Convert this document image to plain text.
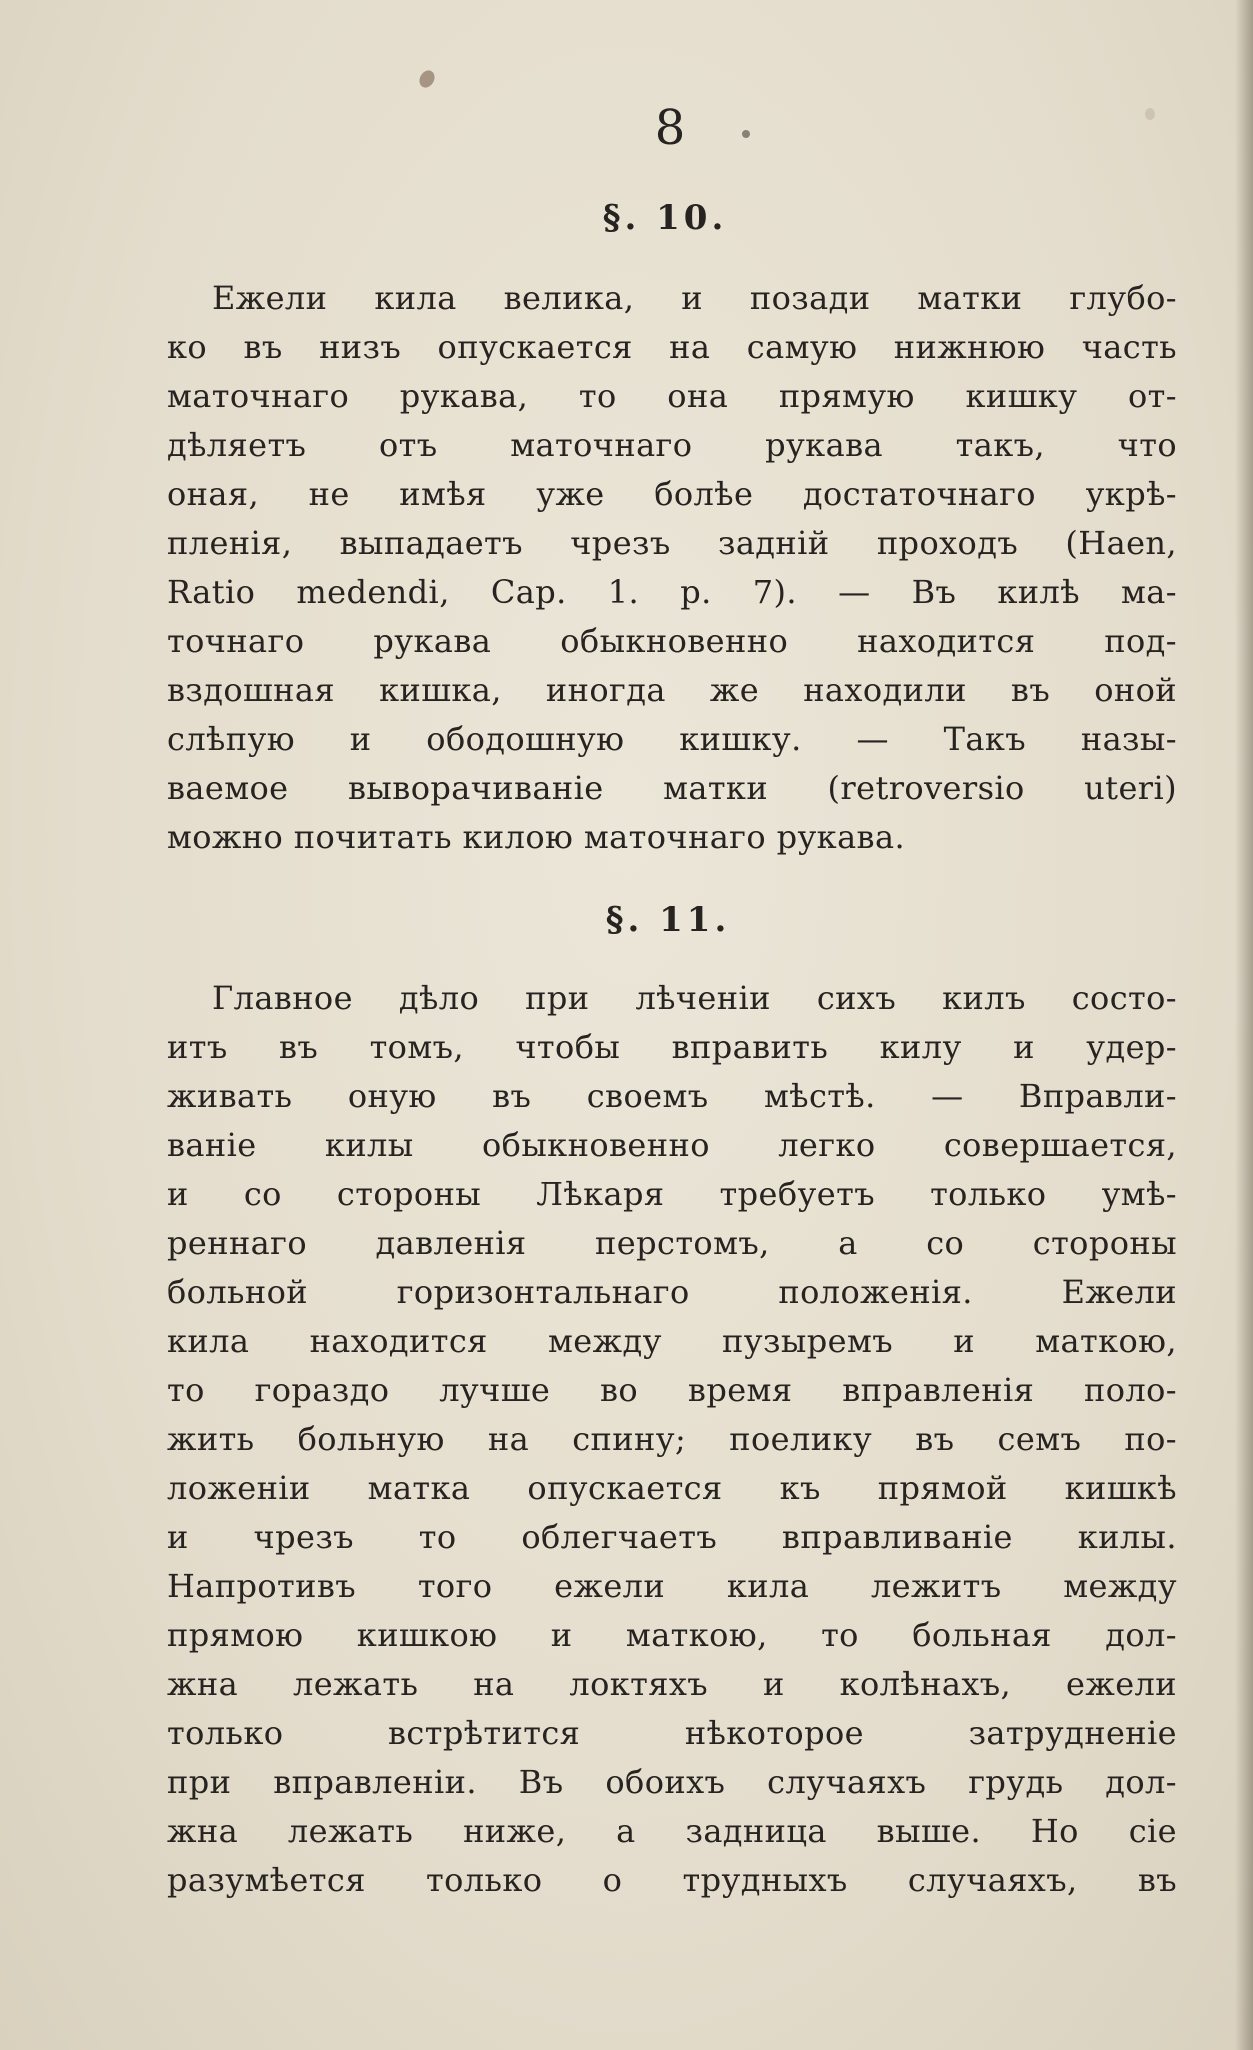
8
§. 10.
Ежели кила велика, и позади матки глубо-
ко въ низъ опускается на самую нижнюю часть
маточнаго рукава, то она прямую кишку от-
дѣляетъ отъ маточнаго рукава такъ, что
оная, не имѣя уже болѣе достаточнаго укрѣ-
пленія, выпадаетъ чрезъ задній проходъ (Haen,
Ratio medendi, Cap. 1. p. 7). — Въ килѣ ма-
точнаго рукава обыкновенно находится под-
вздошная кишка, иногда же находили въ оной
слѣпую и ободошную кишку. — Такъ назы-
ваемое выворачиваніе матки (retroversio uteri)
можно почитать килою маточнаго рукава.
§. 11.
Главное дѣло при лѣченіи сихъ килъ состо-
итъ въ томъ, чтобы вправить килу и удер-
живать оную въ своемъ мѣстѣ. — Вправли-
ваніе килы обыкновенно легко совершается,
и со стороны Лѣкаря требуетъ только умѣ-
реннаго давленія перстомъ, а со стороны
больной горизонтальнаго положенія. Ежели
кила находится между пузыремъ и маткою,
то гораздо лучше во время вправленія поло-
жить больную на спину; поелику въ семъ по-
ложеніи матка опускается къ прямой кишкѣ
и чрезъ то облегчаетъ вправливаніе килы.
Напротивъ того ежели кила лежитъ между
прямою кишкою и маткою, то больная дол-
жна лежать на локтяхъ и колѣнахъ, ежели
только встрѣтится нѣкоторое затрудненіе
при вправленіи. Въ обоихъ случаяхъ грудь дол-
жна лежать ниже, а задница выше. Но сіе
разумѣется только о трудныхъ случаяхъ, въ
